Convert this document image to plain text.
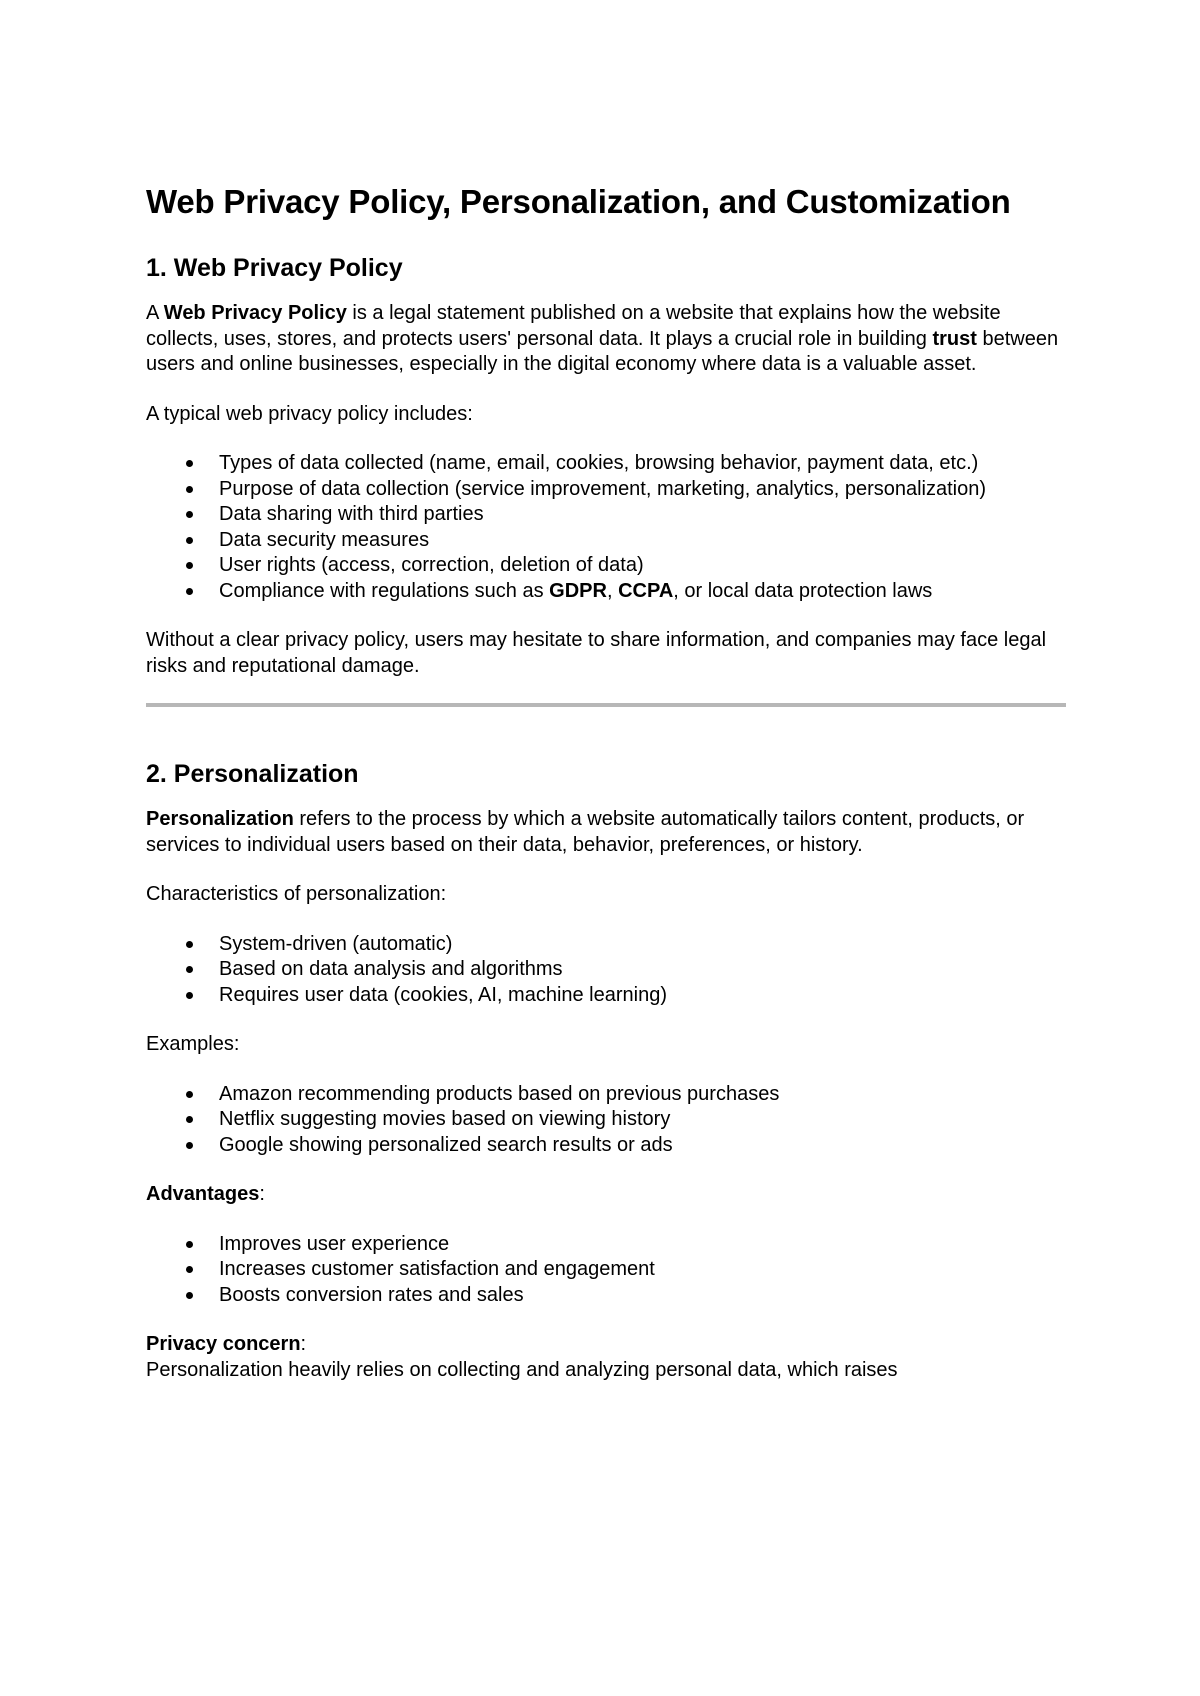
Web Privacy Policy, Personalization, and Customization
1. Web Privacy Policy

A Web Privacy Policy is a legal statement published on a website that explains how the website collects, uses, stores, and protects users' personal data. It plays a crucial role in building trust between users and online businesses, especially in the digital economy where data is a valuable asset.

A typical web privacy policy includes:

Types of data collected (name, email, cookies, browsing behavior, payment data, etc.)
Purpose of data collection (service improvement, marketing, analytics, personalization)
Data sharing with third parties
Data security measures
User rights (access, correction, deletion of data)
Compliance with regulations such as GDPR, CCPA, or local data protection laws

Without a clear privacy policy, users may hesitate to share information, and companies may face legal risks and reputational damage.

2. Personalization

Personalization refers to the process by which a website automatically tailors content, products, or services to individual users based on their data, behavior, preferences, or history.

Characteristics of personalization:

System-driven (automatic)
Based on data analysis and algorithms
Requires user data (cookies, AI, machine learning)

Examples:

Amazon recommending products based on previous purchases
Netflix suggesting movies based on viewing history
Google showing personalized search results or ads

Advantages:

Improves user experience
Increases customer satisfaction and engagement
Boosts conversion rates and sales

Privacy concern:

Personalization heavily relies on collecting and analyzing personal data, which raises
